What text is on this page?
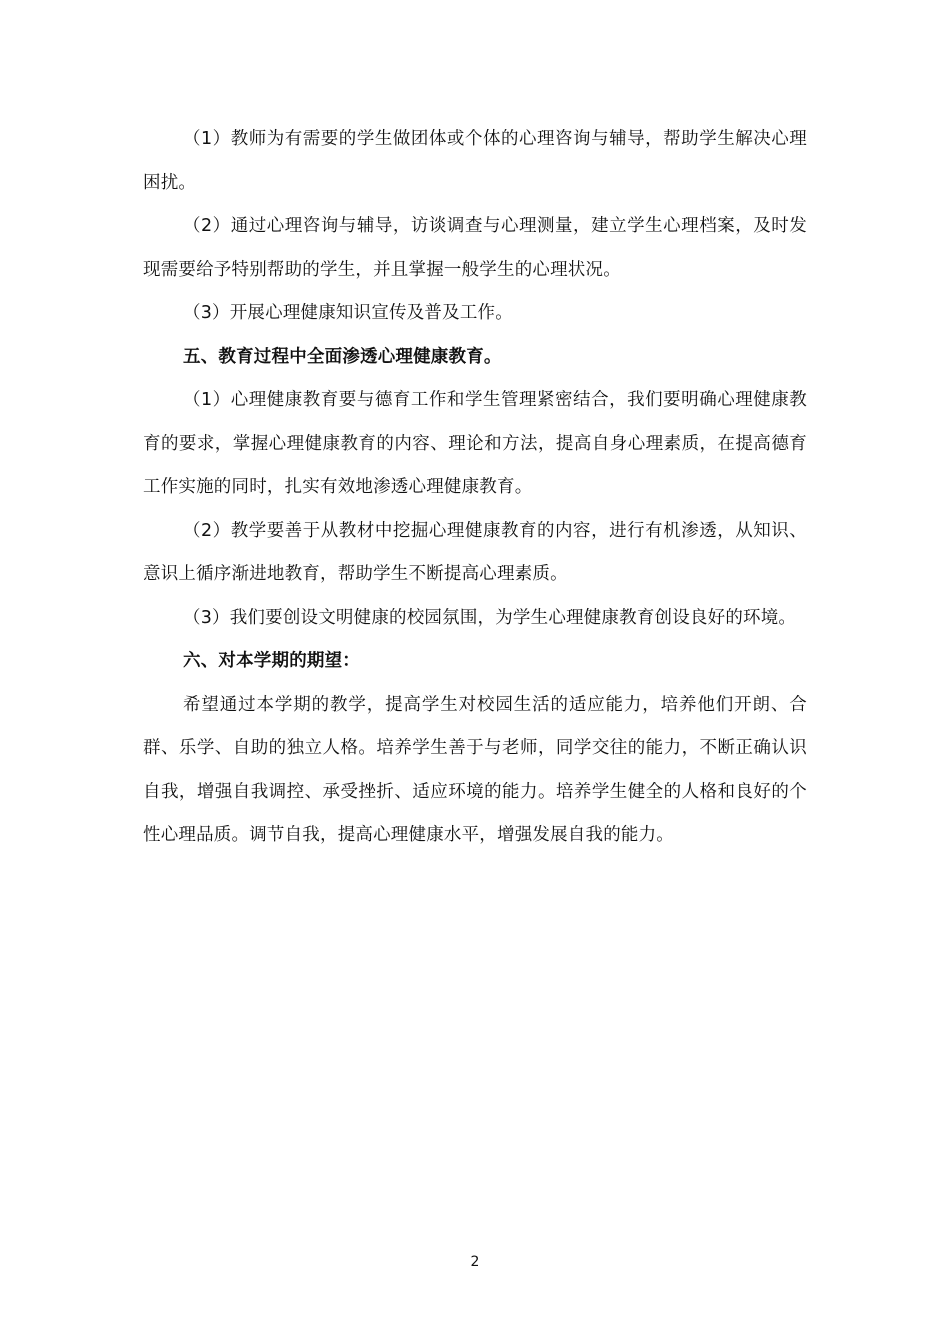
（1）教师为有需要的学生做团体或个体的心理咨询与辅导，帮助学生解决心理困扰。

（2）通过心理咨询与辅导，访谈调查与心理测量，建立学生心理档案，及时发现需要给予特别帮助的学生，并且掌握一般学生的心理状况。

（3）开展心理健康知识宣传及普及工作。

五、教育过程中全面渗透心理健康教育。

（1）心理健康教育要与德育工作和学生管理紧密结合，我们要明确心理健康教育的要求，掌握心理健康教育的内容、理论和方法，提高自身心理素质，在提高德育工作实施的同时，扎实有效地渗透心理健康教育。

（2）教学要善于从教材中挖掘心理健康教育的内容，进行有机渗透，从知识、意识上循序渐进地教育，帮助学生不断提高心理素质。

（3）我们要创设文明健康的校园氛围，为学生心理健康教育创设良好的环境。

六、对本学期的期望：

希望通过本学期的教学，提高学生对校园生活的适应能力，培养他们开朗、合群、乐学、自助的独立人格。培养学生善于与老师，同学交往的能力，不断正确认识自我，增强自我调控、承受挫折、适应环境的能力。培养学生健全的人格和良好的个性心理品质。调节自我，提高心理健康水平，增强发展自我的能力。

2
